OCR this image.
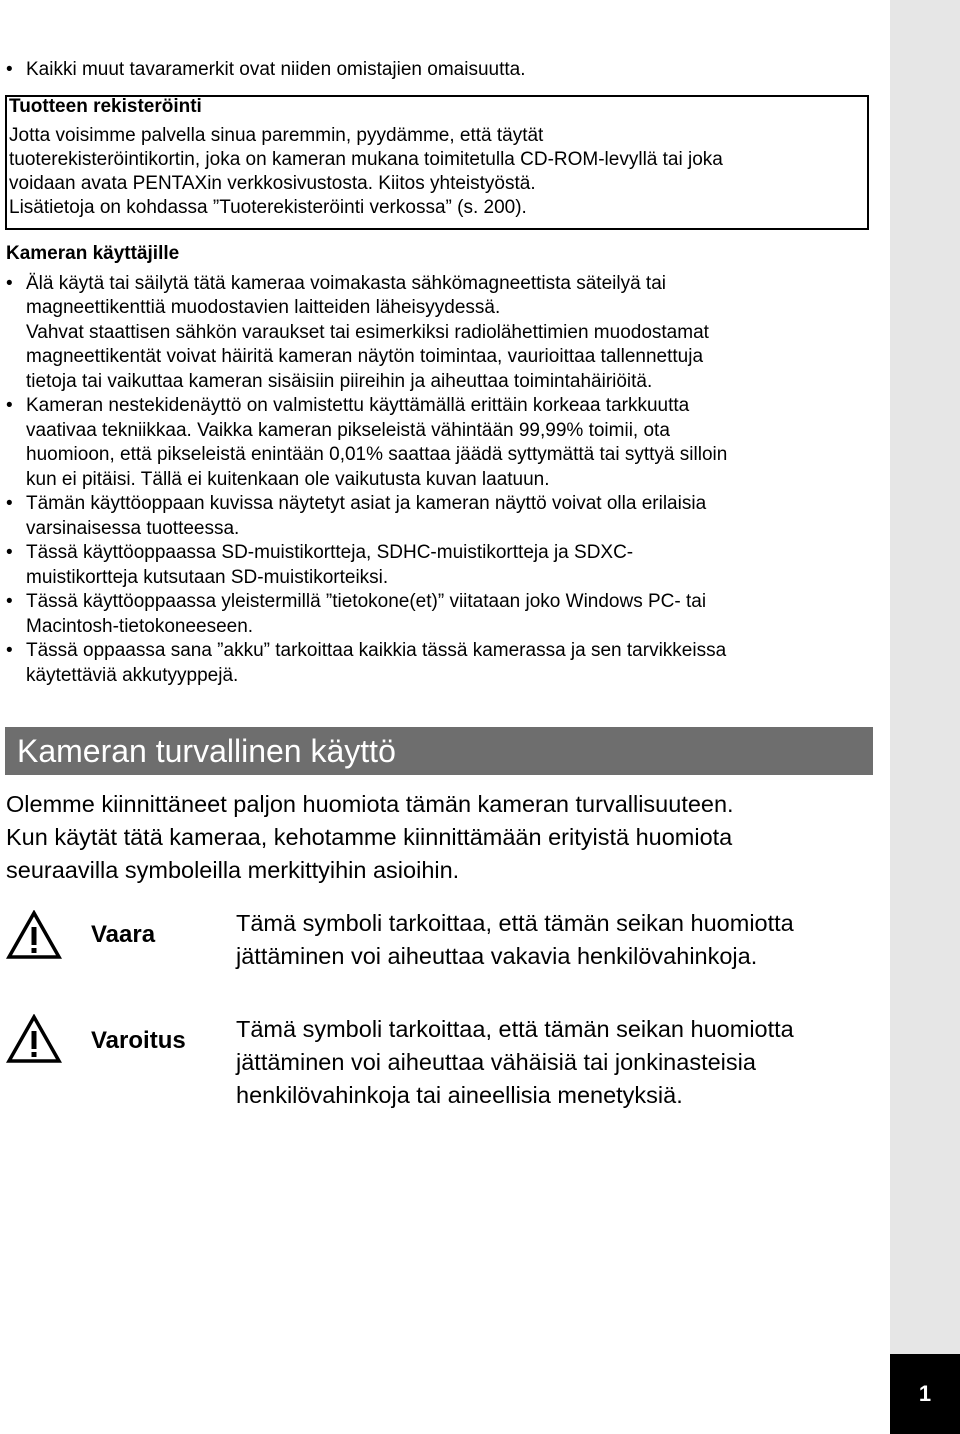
1
• Kaikki muut tavaramerkit ovat niiden omistajien omaisuutta.
Tuotteen rekisteröinti
Jotta voisimme palvella sinua paremmin, pyydämme, että täytät
tuoterekisteröintikortin, joka on kameran mukana toimitetulla CD-ROM-levyllä tai joka
voidaan avata PENTAXin verkkosivustosta. Kiitos yhteistyöstä.
Lisätietoja on kohdassa ”Tuoterekisteröinti verkossa” (s. 200).
Kameran käyttäjille
• Älä käytä tai säilytä tätä kameraa voimakasta sähkömagneettista säteilyä tai
magneettikenttiä muodostavien laitteiden läheisyydessä.
Vahvat staattisen sähkön varaukset tai esimerkiksi radiolähettimien muodostamat
magneettikentät voivat häiritä kameran näytön toimintaa, vaurioittaa tallennettuja
tietoja tai vaikuttaa kameran sisäisiin piireihin ja aiheuttaa toimintahäiriöitä.
• Kameran nestekidenäyttö on valmistettu käyttämällä erittäin korkeaa tarkkuutta
vaativaa tekniikkaa. Vaikka kameran pikseleistä vähintään 99,99% toimii, ota
huomioon, että pikseleistä enintään 0,01% saattaa jäädä syttymättä tai syttyä silloin
kun ei pitäisi. Tällä ei kuitenkaan ole vaikutusta kuvan laatuun.
• Tämän käyttöoppaan kuvissa näytetyt asiat ja kameran näyttö voivat olla erilaisia
varsinaisessa tuotteessa.
• Tässä käyttöoppaassa SD-muistikortteja, SDHC-muistikortteja ja SDXC-
muistikortteja kutsutaan SD-muistikorteiksi.
• Tässä käyttöoppaassa yleistermillä ”tietokone(et)” viitataan joko Windows PC- tai
Macintosh-tietokoneeseen.
• Tässä oppaassa sana ”akku” tarkoittaa kaikkia tässä kamerassa ja sen tarvikkeissa
käytettäviä akkutyyppejä.
Kameran turvallinen käyttö
Olemme kiinnittäneet paljon huomiota tämän kameran turvallisuuteen.
Kun käytät tätä kameraa, kehotamme kiinnittämään erityistä huomiota
seuraavilla symboleilla merkittyihin asioihin.
Vaara	Tämä symboli tarkoittaa, että tämän seikan huomiotta
jättäminen voi aiheuttaa vakavia henkilövahinkoja.
Varoitus Tämä symboli tarkoittaa, että tämän seikan huomiotta
jättäminen voi aiheuttaa vähäisiä tai jonkinasteisia
henkilövahinkoja tai aineellisia menetyksiä.
